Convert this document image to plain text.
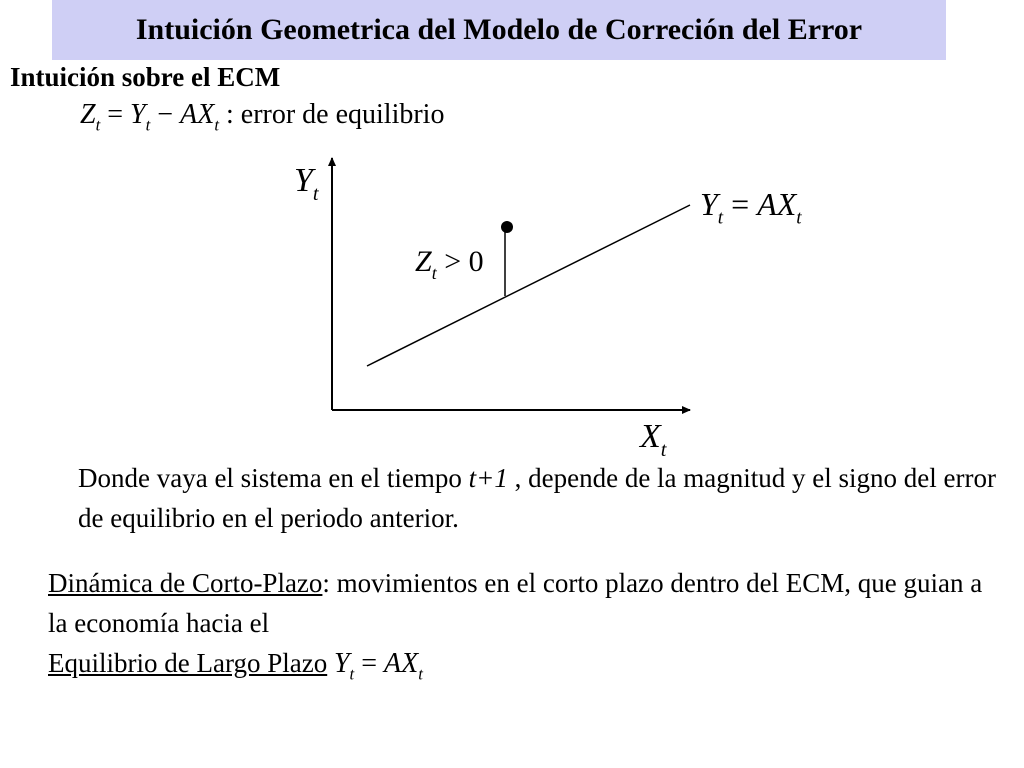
Intuición Geometrica del Modelo de Correción del Error
Intuición sobre el ECM
$Z_t = Y_t - AX_t$ : error de equilibrio
$Y_t$	$Y_t = AX_t$
$Z_t > 0$
$X_t$
Donde vaya el sistema en el tiempo t+1 , depende de la magnitud y el signo del error de equilibrio en el periodo anterior.
Dinámica de Corto-Plazo: movimientos en el corto plazo dentro del ECM, que guian a la economía hacia el
Equilibrio de Largo Plazo $Y_t = AX_t$
